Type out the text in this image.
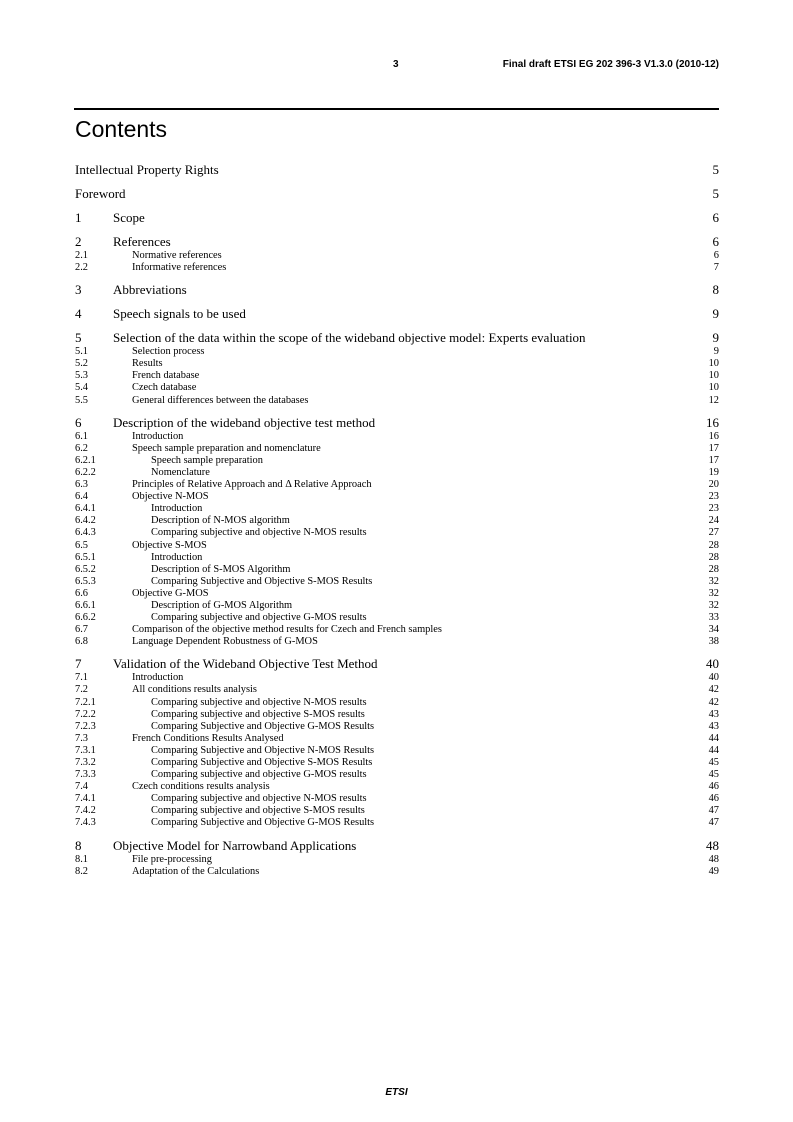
3	Final draft ETSI EG 202 396-3 V1.3.0 (2010-12)
Contents
Intellectual Property Rights	5
Foreword	5
1	Scope	6
2	References	6
2.1	Normative references	6
2.2	Informative references	7
3	Abbreviations	8
4	Speech signals to be used	9
5	Selection of the data within the scope of the wideband objective model: Experts evaluation	9
5.1	Selection process	9
5.2	Results	10
5.3	French database	10
5.4	Czech database	10
5.5	General differences between the databases	12
6	Description of the wideband objective test method	16
6.1	Introduction	16
6.2	Speech sample preparation and nomenclature	17
6.2.1	Speech sample preparation	17
6.2.2	Nomenclature	19
6.3	Principles of Relative Approach and Δ Relative Approach	20
6.4	Objective N-MOS	23
6.4.1	Introduction	23
6.4.2	Description of N-MOS algorithm	24
6.4.3	Comparing subjective and objective N-MOS results	27
6.5	Objective S-MOS	28
6.5.1	Introduction	28
6.5.2	Description of S-MOS Algorithm	28
6.5.3	Comparing Subjective and Objective S-MOS Results	32
6.6	Objective G-MOS	32
6.6.1	Description of G-MOS Algorithm	32
6.6.2	Comparing subjective and objective G-MOS results	33
6.7	Comparison of the objective method results for Czech and French samples	34
6.8	Language Dependent Robustness of G-MOS	38
7	Validation of the Wideband Objective Test Method	40
7.1	Introduction	40
7.2	All conditions results analysis	42
7.2.1	Comparing subjective and objective N-MOS results	42
7.2.2	Comparing subjective and objective S-MOS results	43
7.2.3	Comparing Subjective and Objective G-MOS Results	43
7.3	French Conditions Results Analysed	44
7.3.1	Comparing Subjective and Objective N-MOS Results	44
7.3.2	Comparing Subjective and Objective S-MOS Results	45
7.3.3	Comparing subjective and objective G-MOS results	45
7.4	Czech conditions results analysis	46
7.4.1	Comparing subjective and objective N-MOS results	46
7.4.2	Comparing subjective and objective S-MOS results	47
7.4.3	Comparing Subjective and Objective G-MOS Results	47
8	Objective Model for Narrowband Applications	48
8.1	File pre-processing	48
8.2	Adaptation of the Calculations	49
ETSI
